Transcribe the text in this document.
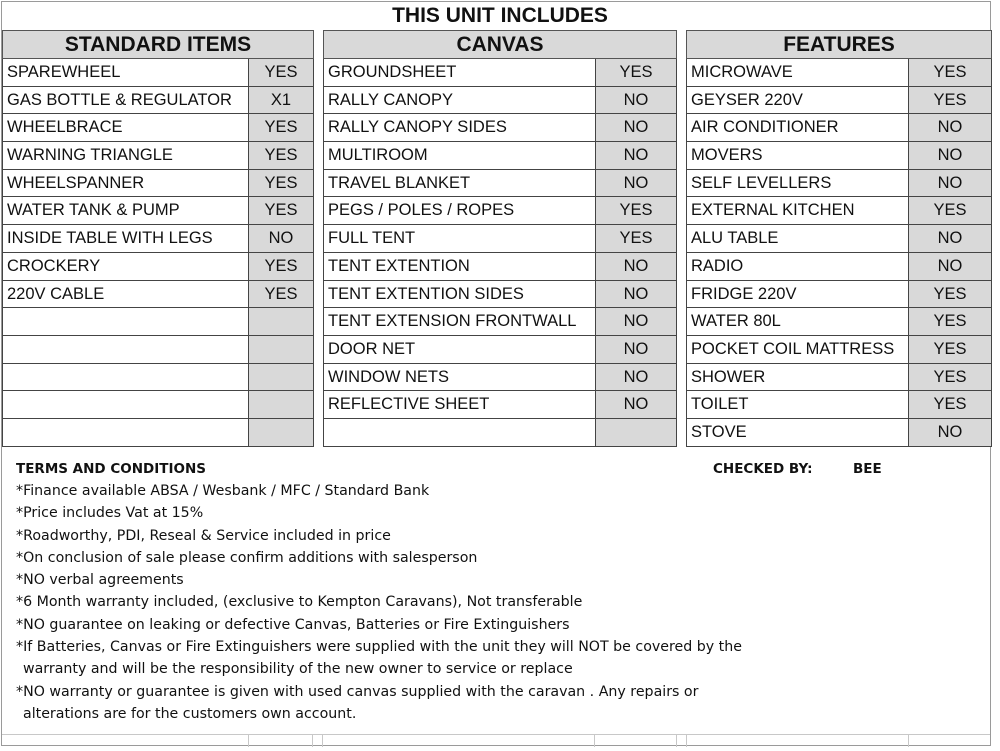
THIS UNIT INCLUDES
STANDARD ITEMS
SPAREWHEEL	YES
GAS BOTTLE & REGULATOR	X1
WHEELBRACE	YES
WARNING TRIANGLE	YES
WHEELSPANNER	YES
WATER TANK & PUMP	YES
INSIDE TABLE WITH LEGS	NO
CROCKERY	YES
220V CABLE	YES
CANVAS
GROUNDSHEET	YES
RALLY CANOPY	NO
RALLY CANOPY SIDES	NO
MULTIROOM	NO
TRAVEL BLANKET	NO
PEGS / POLES / ROPES	YES
FULL TENT	YES
TENT EXTENTION	NO
TENT EXTENTION SIDES	NO
TENT EXTENSION FRONTWALL	NO
DOOR NET	NO
WINDOW NETS	NO
REFLECTIVE SHEET	NO
FEATURES
MICROWAVE	YES
GEYSER 220V	YES
AIR CONDITIONER	NO
MOVERS	NO
SELF LEVELLERS	NO
EXTERNAL KITCHEN	YES
ALU TABLE	NO
RADIO	NO
FRIDGE 220V	YES
WATER 80L	YES
POCKET COIL MATTRESS	YES
SHOWER	YES
TOILET	YES
STOVE	NO
TERMS AND CONDITIONS
*Finance available ABSA / Wesbank / MFC / Standard Bank
*Price includes Vat at 15%
*Roadworthy, PDI, Reseal & Service included in price
*On conclusion of sale please confirm additions with salesperson
*NO verbal agreements
*6 Month warranty included, (exclusive to Kempton Caravans), Not transferable
*NO guarantee on leaking or defective Canvas, Batteries or Fire Extinguishers
*If Batteries, Canvas or Fire Extinguishers were supplied with the unit they will NOT be covered by the
warranty and will be the responsibility of the new owner to service or replace
*NO warranty or guarantee is given with used canvas supplied with the caravan . Any repairs or
alterations are for the customers own account.
CHECKED BY:	BEE
